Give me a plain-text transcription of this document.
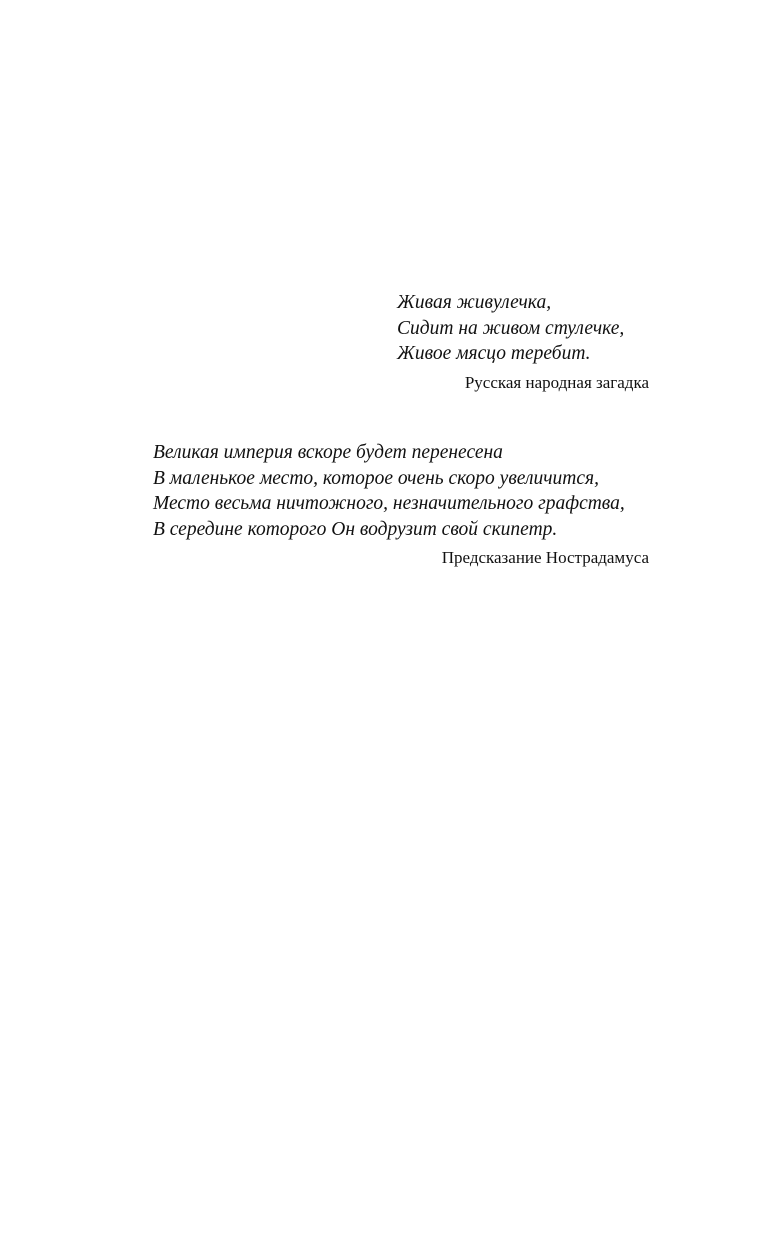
Живая живулечка,
Сидит на живом стулечке,
Живое мясцо теребит.
Русская народная загадка
Великая империя вскоре будет перенесена
В маленькое место, которое очень скоро увеличится,
Место весьма ничтожного, незначительного графства,
В середине которого Он водрузит свой скипетр.
Предсказание Нострадамуса
